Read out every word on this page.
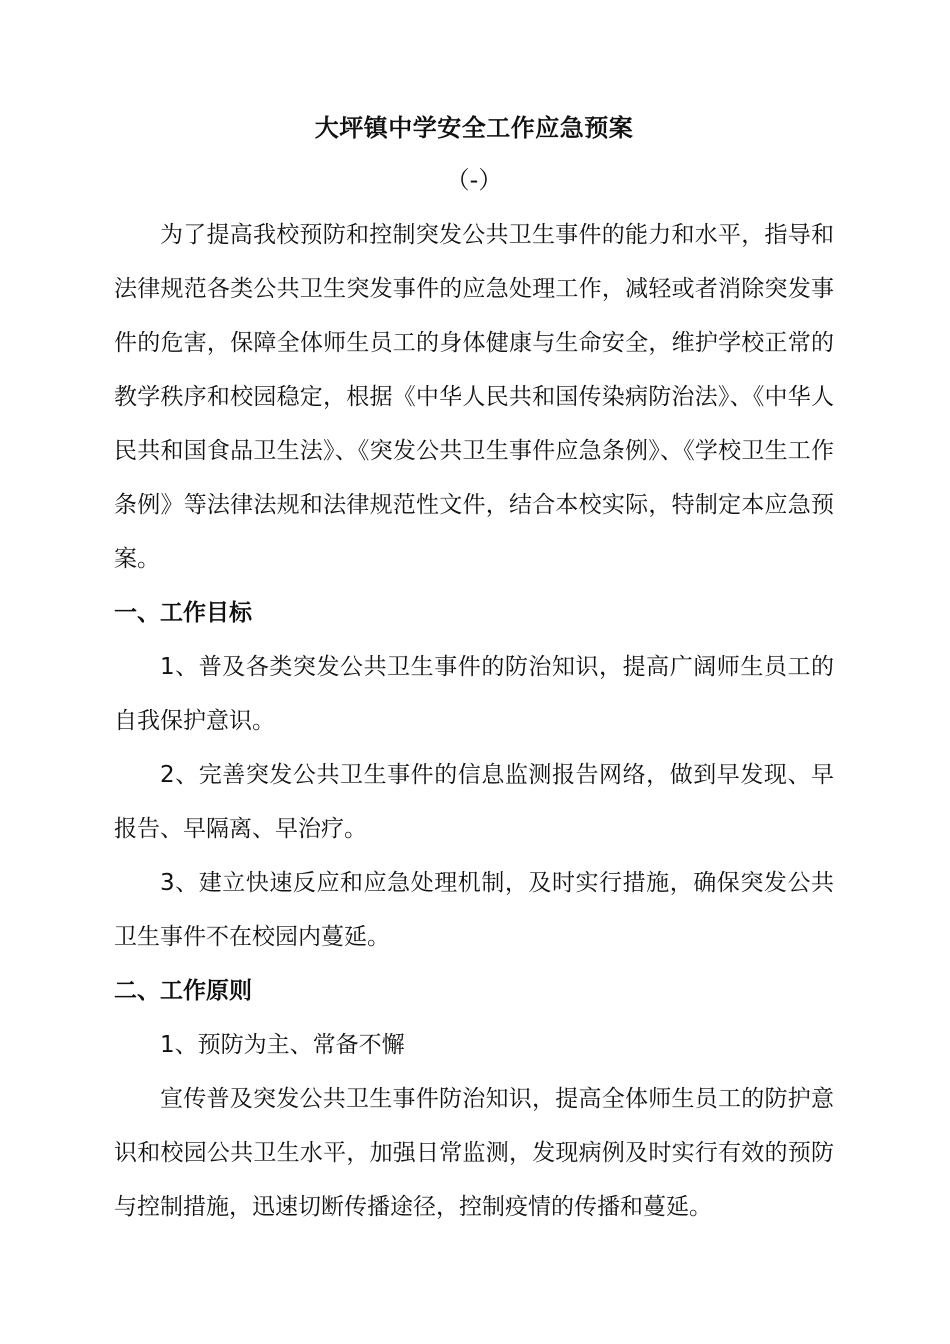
大坪镇中学安全工作应急预案

（-）

为了提高我校预防和控制突发公共卫生事件的能力和水平，指导和法律规范各类公共卫生突发事件的应急处理工作，减轻或者消除突发事件的危害，保障全体师生员工的身体健康与生命安全，维护学校正常的教学秩序和校园稳定，根据《中华人民共和国传染病防治法》、《中华人民共和国食品卫生法》、《突发公共卫生事件应急条例》、《学校卫生工作条例》等法律法规和法律规范性文件，结合本校实际，特制定本应急预案。

一、工作目标

1、普及各类突发公共卫生事件的防治知识，提高广阔师生员工的自我保护意识。

2、完善突发公共卫生事件的信息监测报告网络，做到早发现、早报告、早隔离、早治疗。

3、建立快速反应和应急处理机制，及时实行措施，确保突发公共卫生事件不在校园内蔓延。

二、工作原则

1、预防为主、常备不懈

宣传普及突发公共卫生事件防治知识，提高全体师生员工的防护意识和校园公共卫生水平，加强日常监测，发现病例及时实行有效的预防与控制措施，迅速切断传播途径，控制疫情的传播和蔓延。
